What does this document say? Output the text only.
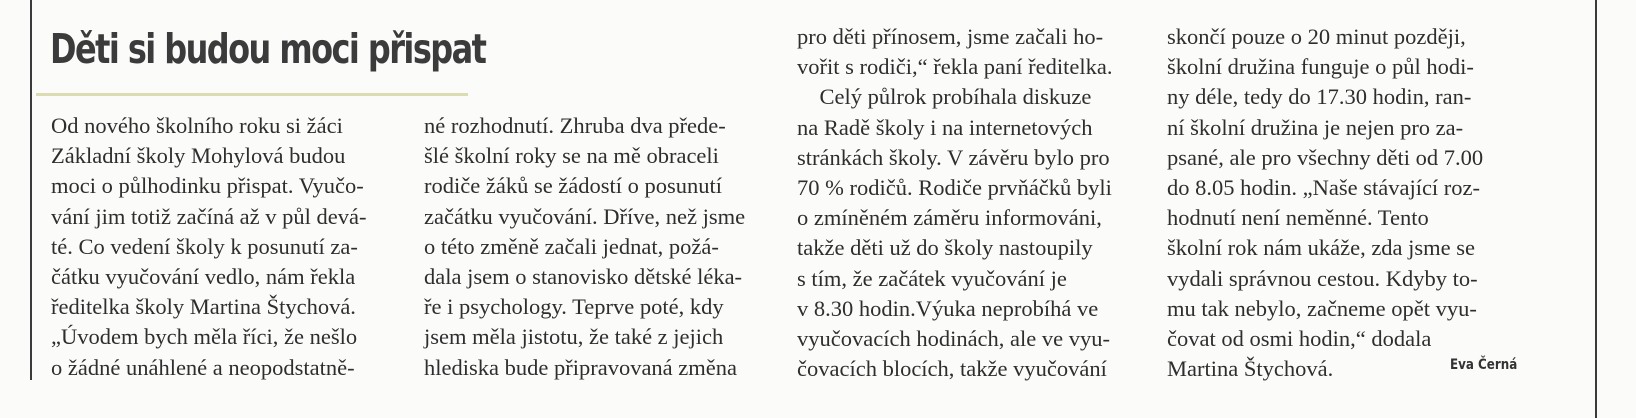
Děti si budou moci přispat
Od nového školního roku si žáci
Základní školy Mohylová budou
moci o půlhodinku přispat. Vyučo-
vání jim totiž začíná až v půl devá-
té. Co vedení školy k posunutí za-
čátku vyučování vedlo, nám řekla
ředitelka školy Martina Štychová.
„Úvodem bych měla říci, že nešlo
o žádné unáhlené a neopodstatně-
né rozhodnutí. Zhruba dva přede-
šlé školní roky se na mě obraceli
rodiče žáků se žádostí o posunutí
začátku vyučování. Dříve, než jsme
o této změně začali jednat, požá-
dala jsem o stanovisko dětské léka-
ře i psychology. Teprve poté, kdy
jsem měla jistotu, že také z jejich
hlediska bude připravovaná změna
pro děti přínosem, jsme začali ho-
vořit s rodiči,“ řekla paní ředitelka.
Celý půlrok probíhala diskuze
na Radě školy i na internetových
stránkách školy. V závěru bylo pro
70 % rodičů. Rodiče prvňáčků byli
o zmíněném záměru informováni,
takže děti už do školy nastoupily
s tím, že začátek vyučování je
v 8.30 hodin.Výuka neprobíhá ve
vyučovacích hodinách, ale ve vyu-
čovacích blocích, takže vyučování
skončí pouze o 20 minut později,
školní družina funguje o půl hodi-
ny déle, tedy do 17.30 hodin, ran-
ní školní družina je nejen pro za-
psané, ale pro všechny děti od 7.00
do 8.05 hodin. „Naše stávající roz-
hodnutí není neměnné. Tento
školní rok nám ukáže, zda jsme se
vydali správnou cestou. Kdyby to-
mu tak nebylo, začneme opět vyu-
čovat od osmi hodin,“ dodala
Martina Štychová.	Eva Černá
